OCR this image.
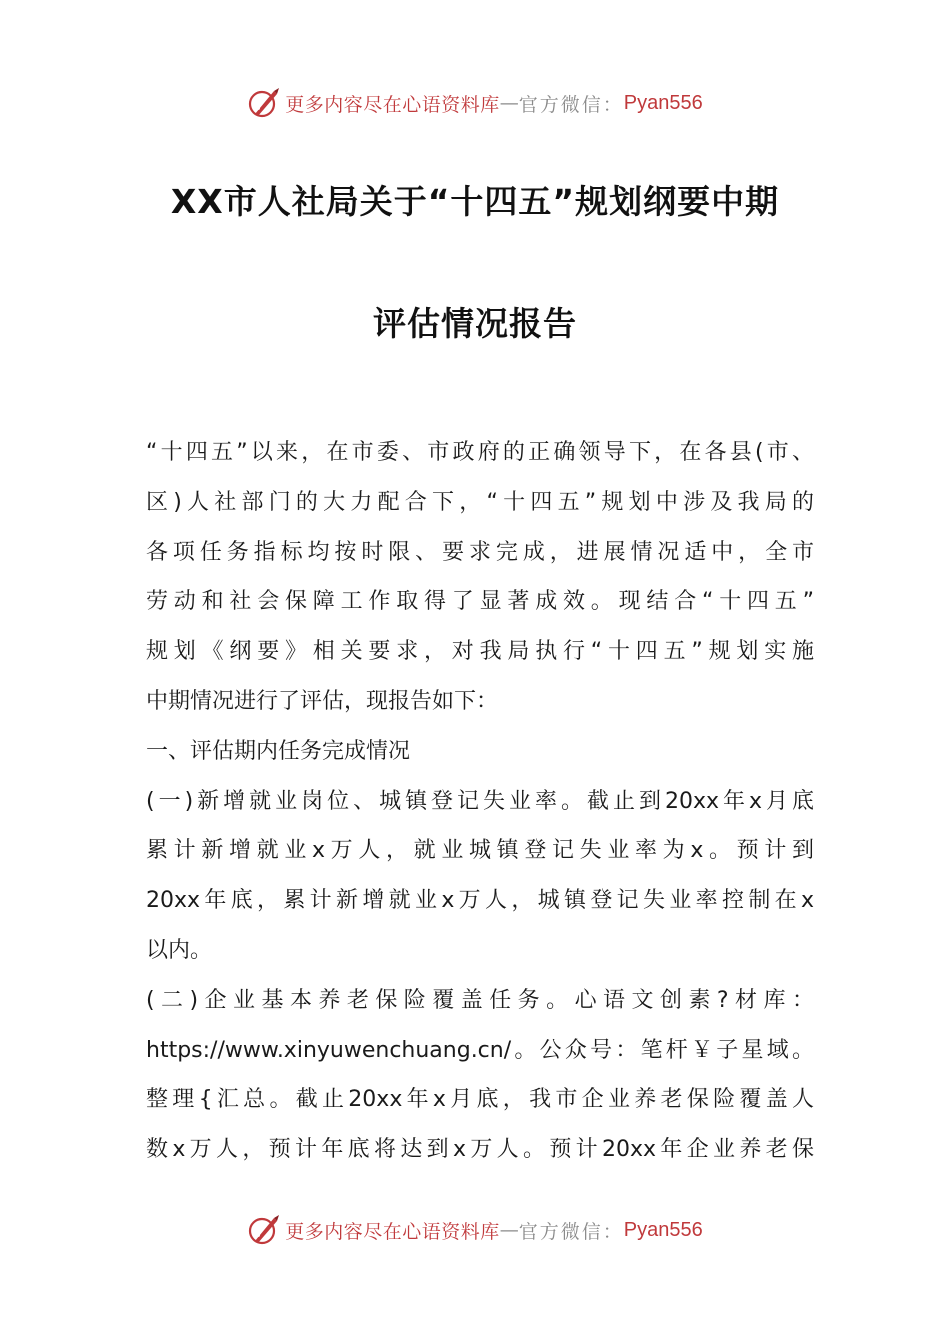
更多内容尽在心语资料库 — 官方微信： Pyan556
XX市人社局关于“十四五”规划纲要中期
评估情况报告
“十四五”以来，在市委、市政府的正确领导下，在各县(市、
区)人社部门的大力配合下，“十四五”规划中涉及我局的
各项任务指标均按时限、要求完成，进展情况适中，全市
劳动和社会保障工作取得了显著成效。现结合“十四五”
规划《纲要》相关要求，对我局执行“十四五”规划实施
中期情况进行了评估，现报告如下：
一、评估期内任务完成情况
(一)新增就业岗位、城镇登记失业率。截止到20xx年x月底
累计新增就业x万人，就业城镇登记失业率为x。预计到
20xx年底，累计新增就业x万人，城镇登记失业率控制在x
以内。
(二)企业基本养老保险覆盖任务。心语文创素?材库：
https://www.xinyuwenchuang.cn/。公众号：笔杆￥子星域。
整理{汇总。截止20xx年x月底，我市企业养老保险覆盖人
数x万人，预计年底将达到x万人。预计20xx年企业养老保
更多内容尽在心语资料库 — 官方微信： Pyan556
